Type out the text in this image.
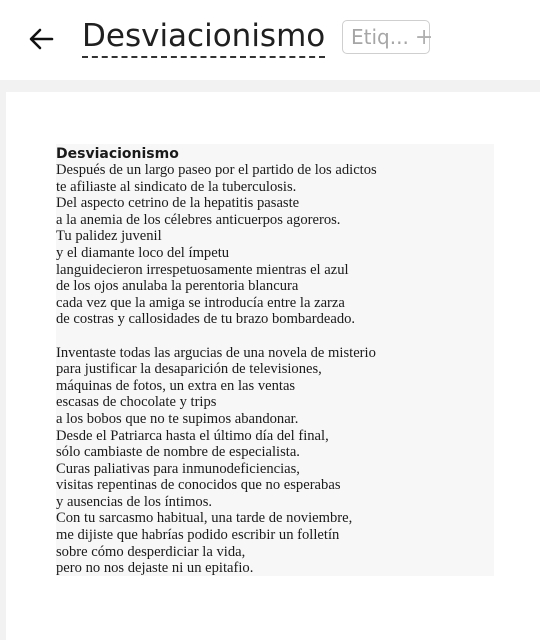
Desviacionismo Etiq... +
Desviacionismo
Después de un largo paseo por el partido de los adictos
te afiliaste al sindicato de la tuberculosis.
Del aspecto cetrino de la hepatitis pasaste
a la anemia de los célebres anticuerpos agoreros.
Tu palidez juvenil
y el diamante loco del ímpetu
languidecieron irrespetuosamente mientras el azul
de los ojos anulaba la perentoria blancura
cada vez que la amiga se introducía entre la zarza
de costras y callosidades de tu brazo bombardeado.
Inventaste todas las argucias de una novela de misterio
para justificar la desaparición de televisiones,
máquinas de fotos, un extra en las ventas
escasas de chocolate y trips
a los bobos que no te supimos abandonar.
Desde el Patriarca hasta el último día del final,
sólo cambiaste de nombre de especialista.
Curas paliativas para inmunodeficiencias,
visitas repentinas de conocidos que no esperabas
y ausencias de los íntimos.
Con tu sarcasmo habitual, una tarde de noviembre,
me dijiste que habrías podido escribir un folletín
sobre cómo desperdiciar la vida,
pero no nos dejaste ni un epitafio.
